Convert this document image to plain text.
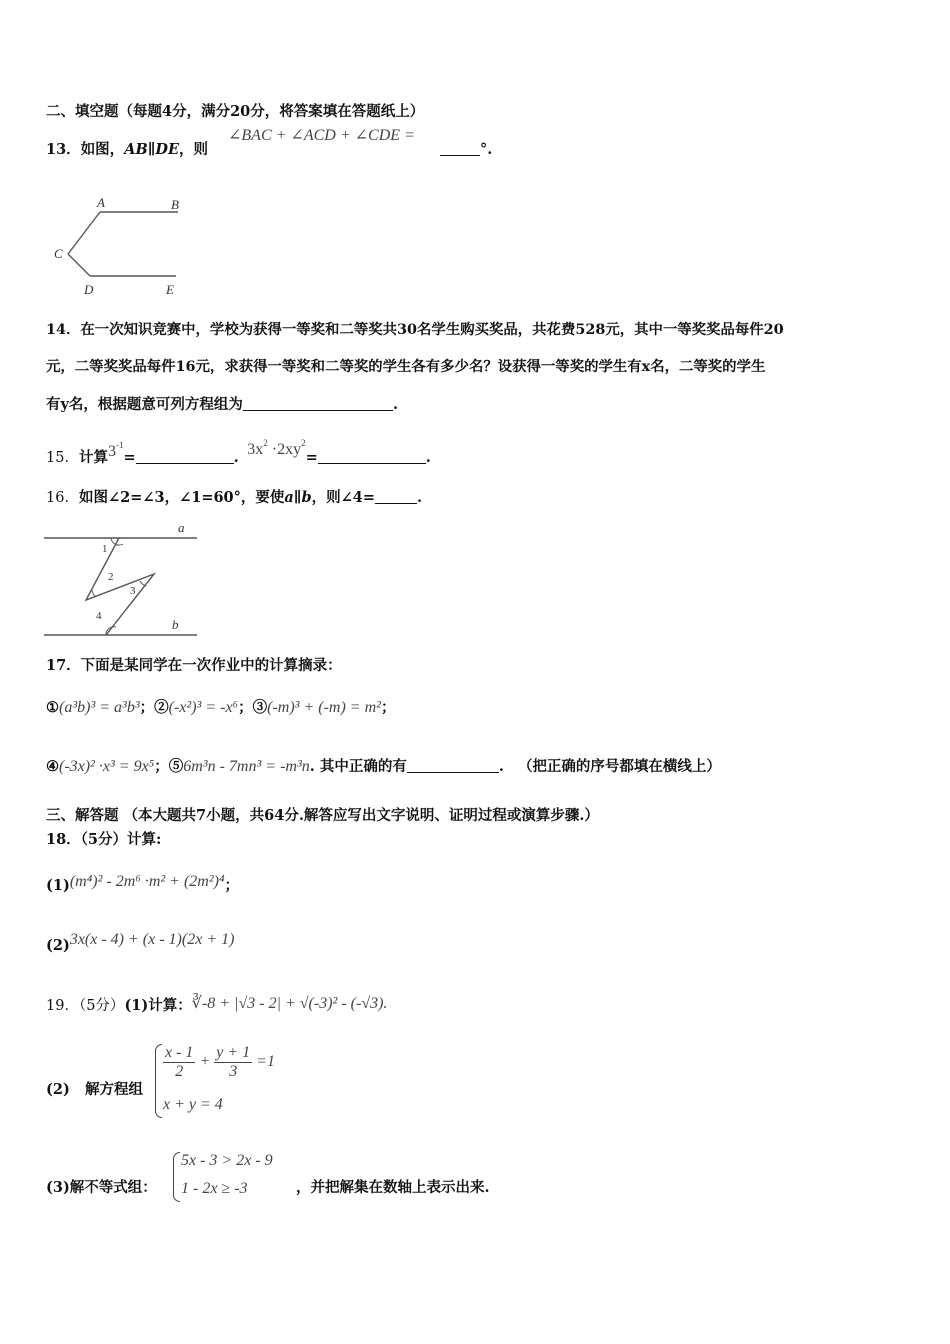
二、填空题（每题4分，满分20分，将答案填在答题纸上）
13．如图，AB∥DE，则
∠BAC + ∠ACD + ∠CDE =
°.
A	B
C
D	E
14．在一次知识竞赛中，学校为获得一等奖和二等奖共30名学生购买奖品，共花费528元，其中一等奖奖品每件20
元，二等奖奖品每件16元，求获得一等奖和二等奖的学生各有多少名？设获得一等奖的学生有x名，二等奖的学生
有y名，根据题意可列方程组为	.
15．计算$3^{-1}=$	. $3x^2 \cdot 2xy^2=$	.
16．如图∠2=∠3，∠1=60°，要使a∥b，则∠4=	.
a
b
1
2
3
4
17．下面是某同学在一次作业中的计算摘录：
①(a³b)³ = a³b³；②(-x²)³ = -x⁶；③(-m)³ + (-m) = m²；
④(-3x)² ·x³ = 9x⁵；⑤6m³n - 7mn³ = -m³n. 其中正确的有	. （把正确的序号都填在横线上）
三、解答题 （本大题共7小题，共64分.解答应写出文字说明、证明过程或演算步骤.）
18．（5分）计算:
(1)(m⁴)² - 2m⁶ ·m² + (2m²)⁴；
(2)3x(x - 4) + (x - 1)(2x + 1)
19．（5分）(1)计算：∛-8 + |√3 - 2| + √(-3)² - (-√3).
(2) 解方程组
$\frac{x - 1}{2} + \frac{y + 1}{3} =1$
x + y = 4
(3)解不等式组：
5x - 3 > 2x - 9
1 - 2x ≥ -3	，并把解集在数轴上表示出来.
